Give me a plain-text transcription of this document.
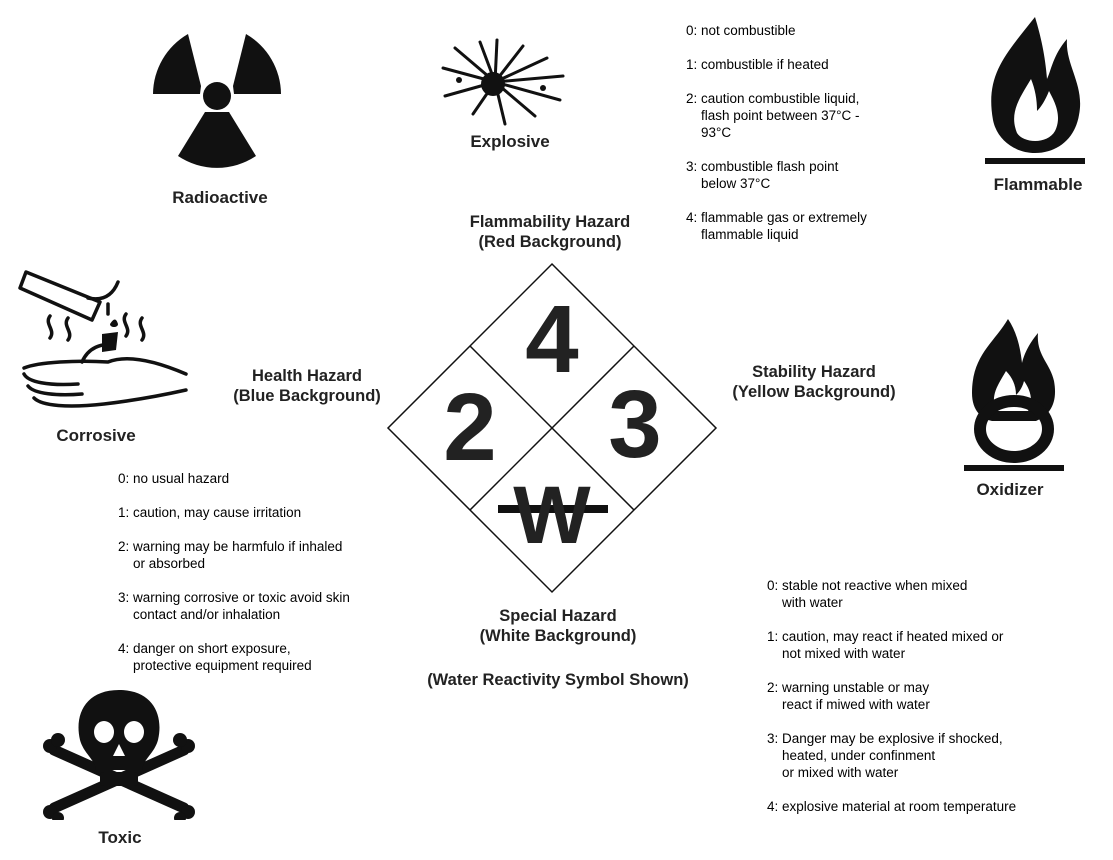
Radioactive
Explosive
Flammable
Corrosive
Oxidizer
Toxic
4
2 3
W
Flammability Hazard
(Red Background)
Health Hazard
(Blue Background)
Stability Hazard
(Yellow Background)
Special Hazard
(White Background)
(Water Reactivity Symbol Shown)
0: not combustible
1: combustible if heated
2: caution combustible liquid,
flash point between 37°C -
93°C
3: combustible flash point
below 37°C
4: flammable gas or extremely
flammable liquid
0: no usual hazard
1: caution, may cause irritation
2: warning may be harmfulo if inhaled
or absorbed
3: warning corrosive or toxic avoid skin
contact and/or inhalation
4: danger on short exposure,
protective equipment required
0: stable not reactive when mixed
with water
1: caution, may react if heated mixed or
not mixed with water
2: warning unstable or may
react if miwed with water
3: Danger may be explosive if shocked,
heated, under confinment
or mixed with water
4: explosive material at room temperature
